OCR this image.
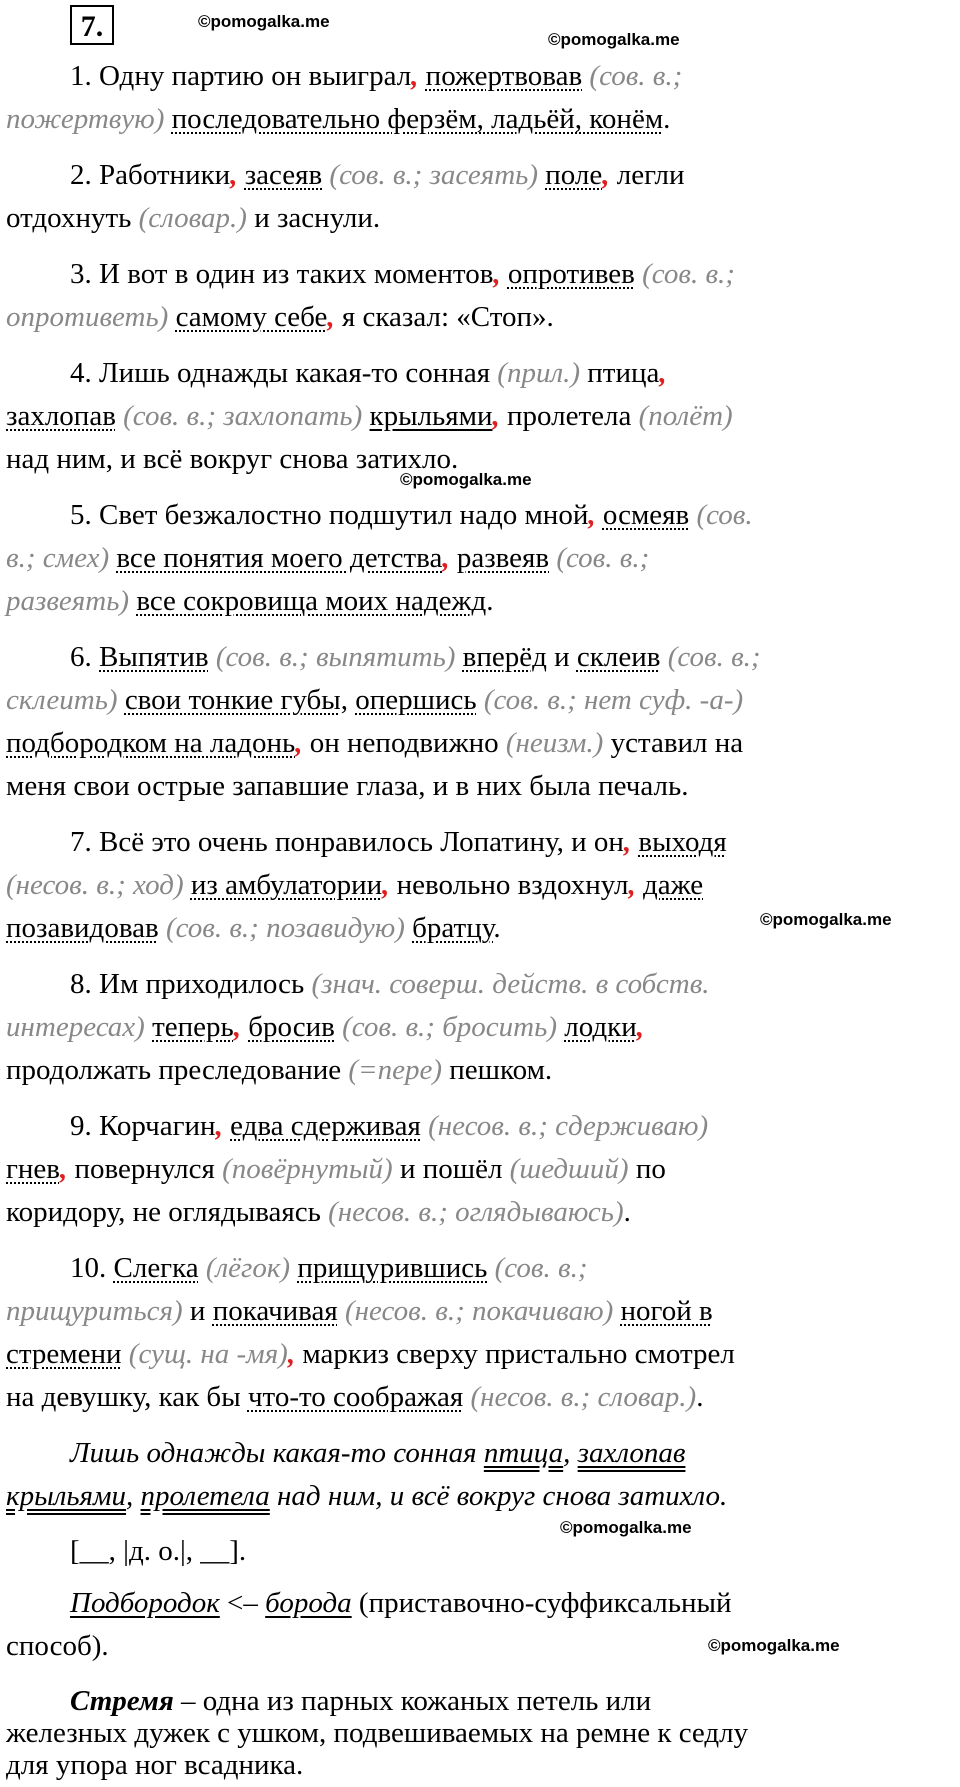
7.	©pomogalka.me
©pomogalka.me
©pomogalka.me
©pomogalka.me
©pomogalka.me
©pomogalka.me
1. Одну партию он выиграл, пожертвовав (сов. в.;
пожертвую) последовательно ферзём, ладьёй, конём.
2. Работники, засеяв (сов. в.; засеять) поле, легли
отдохнуть (словар.) и заснули.
3. И вот в один из таких моментов, опротивев (сов. в.;
опротиветь) самому себе, я сказал: «Стоп».
4. Лишь однажды какая-то сонная (прил.) птица,
захлопав (сов. в.; захлопать) крыльями, пролетела (полёт)
над ним, и всё вокруг снова затихло.
5. Свет безжалостно подшутил надо мной, осмеяв (сов.
в.; смех) все понятия моего детства, развеяв (сов. в.;
развеять) все сокровища моих надежд.
6. Выпятив (сов. в.; выпятить) вперёд и склеив (сов. в.;
склеить) свои тонкие губы, опершись (сов. в.; нет суф. -а-)
подбородком на ладонь, он неподвижно (неизм.) уставил на
меня свои острые запавшие глаза, и в них была печаль.
7. Всё это очень понравилось Лопатину, и он, выходя
(несов. в.; ход) из амбулатории, невольно вздохнул, даже
позавидовав (сов. в.; позавидую) братцу.
8. Им приходилось (знач. соверш. действ. в собств.
интересах) теперь, бросив (сов. в.; бросить) лодки,
продолжать преследование (=пере) пешком.
9. Корчагин, едва сдерживая (несов. в.; сдерживаю)
гнев, повернулся (повёрнутый) и пошёл (шедший) по
коридору, не оглядываясь (несов. в.; оглядываюсь).
10. Слегка (лёгок) прищурившись (сов. в.;
прищуриться) и покачивая (несов. в.; покачиваю) ногой в
стремени (сущ. на -мя), маркиз сверху пристально смотрел
на девушку, как бы что-то соображая (несов. в.; словар.).
Лишь однажды какая-то сонная птица, захлопав
крыльями, пролетела над ним, и всё вокруг снова затихло.
[__, |д. о.|, __].
Подбородок <– борода (приставочно-суффиксальный
способ).
Стремя – одна из парных кожаных петель или
железных дужек с ушком, подвешиваемых на ремне к седлу
для упора ног всадника.
